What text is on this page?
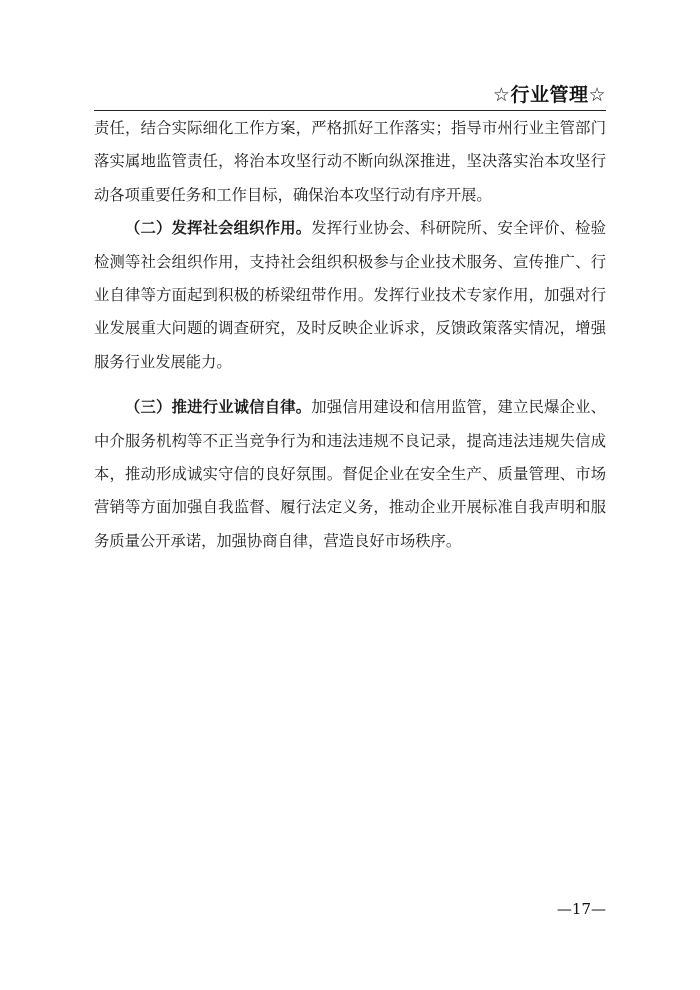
☆行业管理☆

责任，结合实际细化工作方案，严格抓好工作落实；指导市州行业主管部门落实属地监管责任，将治本攻坚行动不断向纵深推进，坚决落实治本攻坚行动各项重要任务和工作目标，确保治本攻坚行动有序开展。

（二）发挥社会组织作用。发挥行业协会、科研院所、安全评价、检验检测等社会组织作用，支持社会组织积极参与企业技术服务、宣传推广、行业自律等方面起到积极的桥梁纽带作用。发挥行业技术专家作用，加强对行业发展重大问题的调查研究，及时反映企业诉求，反馈政策落实情况，增强服务行业发展能力。

（三）推进行业诚信自律。加强信用建设和信用监管，建立民爆企业、中介服务机构等不正当竞争行为和违法违规不良记录，提高违法违规失信成本，推动形成诚实守信的良好氛围。督促企业在安全生产、质量管理、市场营销等方面加强自我监督、履行法定义务，推动企业开展标准自我声明和服务质量公开承诺，加强协商自律，营造良好市场秩序。

—17—
